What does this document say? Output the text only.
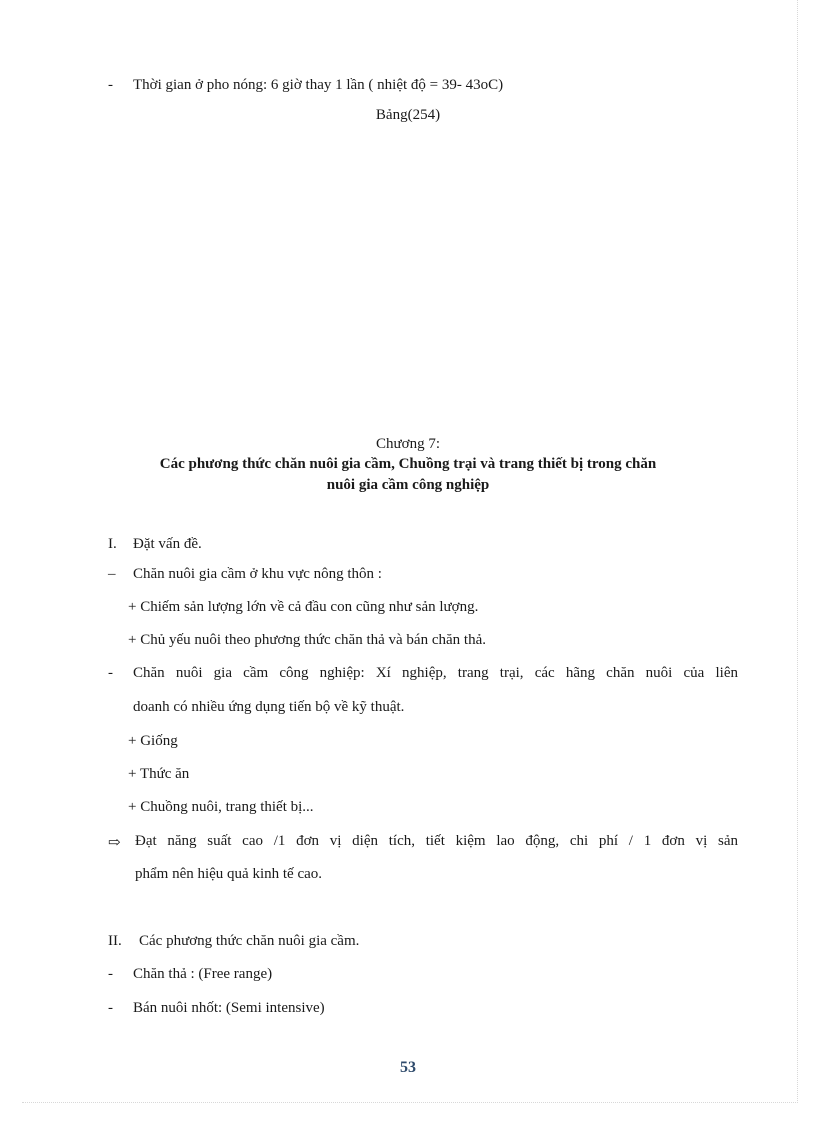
- Thời gian ở pho nóng: 6 giờ thay 1 lần ( nhiệt độ = 39- 43oC)
Bảng(254)
Chương 7:
Các phương thức chăn nuôi gia cầm, Chuồng trại và trang thiết bị trong chăn
nuôi gia cầm công nghiệp
I. Đặt vấn đề.
– Chăn nuôi gia cầm ở khu vực nông thôn :
+ Chiếm sản lượng lớn về cả đầu con cũng như sản lượng.
+ Chủ yếu nuôi theo phương thức chăn thả và bán chăn thả.
- Chăn nuôi gia cầm công nghiệp: Xí nghiệp, trang trại, các hãng chăn nuôi của liên
doanh có nhiều ứng dụng tiến bộ về kỹ thuật.
+ Giống
+ Thức ăn
+ Chuồng nuôi, trang thiết bị...
⇨ Đạt năng suất cao /1 đơn vị diện tích, tiết kiệm lao động, chi phí / 1 đơn vị sản
phẩm nên hiệu quả kinh tế cao.
II. Các phương thức chăn nuôi gia cầm.
- Chăn thả : (Free range)
- Bán nuôi nhốt: (Semi intensive)
53
